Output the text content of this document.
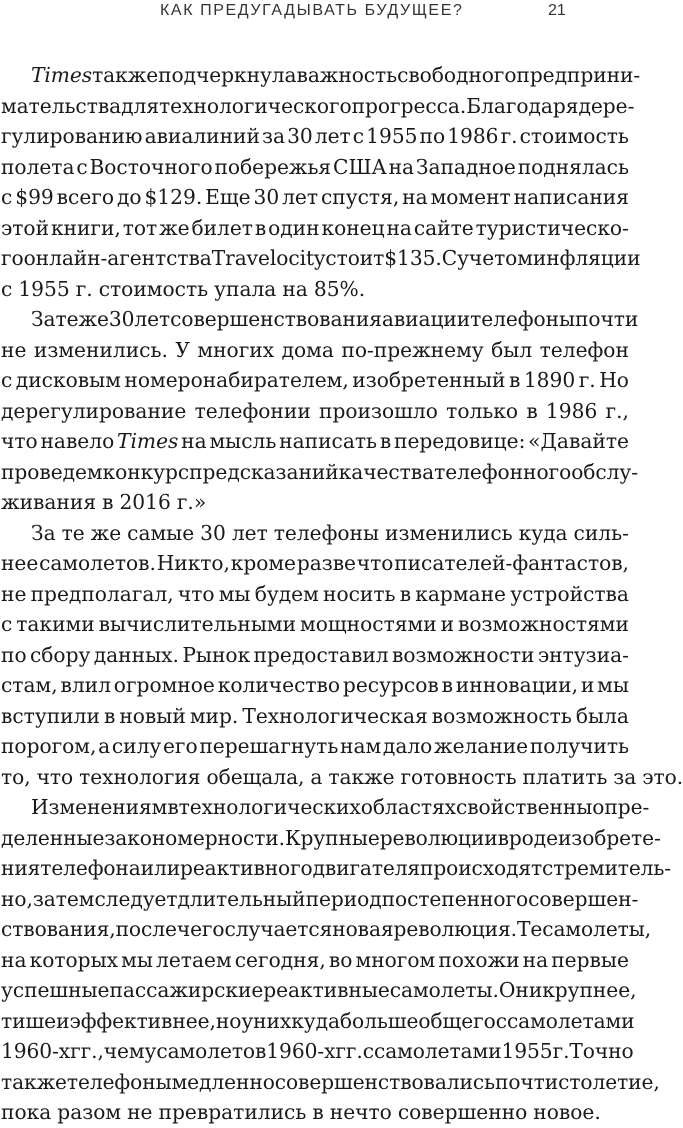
КАК ПРЕДУГАДЫВАТЬ БУДУЩЕЕ?	21
Times также подчеркнула важность свободного предприни-
мательства для технологического прогресса. Благодаря дере-
гулированию авиалиний за 30 лет с 1955 по 1986 г. стоимость
полета с Восточного побережья США на Западное поднялась
с $99 всего до $129. Еще 30 лет спустя, на момент написания
этой книги, тот же билет в один конец на сайте туристическо-
го онлайн-агентства Travelocity стоит $135. С учетом инфляции
с 1955 г. стоимость упала на 85%.
За те же 30 лет совершенствования авиации телефоны почти
не изменились. У многих дома по-прежнему был телефон
с дисковым номеронабирателем, изобретенный в 1890 г. Но
дерегулирование телефонии произошло только в 1986 г.,
что навело Times на мысль написать в передовице: «Давайте
проведем конкурс предсказаний качества телефонного обслу-
живания в 2016 г.»
За те же самые 30 лет телефоны изменились куда силь-
нее самолетов. Никто, кроме разве что писателей-фантастов,
не предполагал, что мы будем носить в кармане устройства
с такими вычислительными мощностями и возможностями
по сбору данных. Рынок предоставил возможности энтузиа-
стам, влил огромное количество ресурсов в инновации, и мы
вступили в новый мир. Технологическая возможность была
порогом, а силу его перешагнуть нам дало желание получить
то, что технология обещала, а также готовность платить за это.
Изменениям в технологических областях свойственны опре-
деленные закономерности. Крупные революции вроде изобрете-
ния телефона или реактивного двигателя происходят стремитель-
но, затем следует длительный период постепенного совершен-
ствования, после чего случается новая революция. Те самолеты,
на которых мы летаем сегодня, во многом похожи на первые
успешные пассажирские реактивные самолеты. Они крупнее,
тише и эффективнее, но у них куда больше общего с самолетами
1960-х гг., чем у самолетов 1960-х гг. с самолетами 1955 г. Точно
так же телефоны медленно совершенствовались почти столетие,
пока разом не превратились в нечто совершенно новое.
